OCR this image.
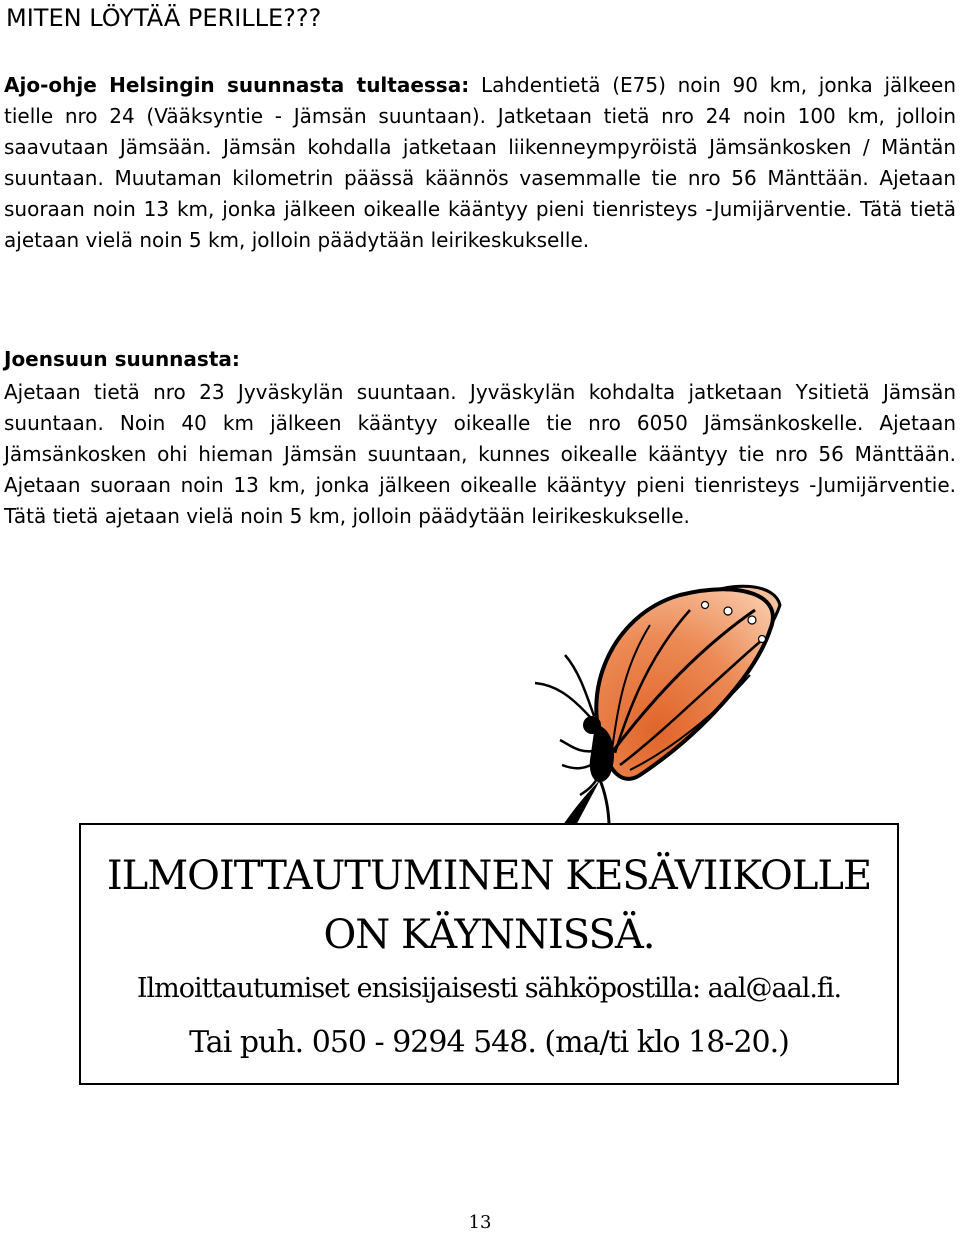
MITEN LÖYTÄÄ PERILLE???
Ajo-ohje Helsingin suunnasta tultaessa: Lahdentietä (E75) noin 90 km, jonka jälkeen tielle nro 24 (Vääksyntie - Jämsän suuntaan). Jatketaan tietä nro 24 noin 100 km, jolloin saavutaan Jämsään. Jämsän kohdalla jatketaan liikenneympyröistä Jämsänkosken / Mäntän suuntaan. Muutaman kilometrin päässä käännös vasemmalle tie nro 56 Mänttään. Ajetaan suoraan noin 13 km, jonka jälkeen oikealle kääntyy pieni tienristeys -Jumijärventie. Tätä tietä ajetaan vielä noin 5 km, jolloin päädytään leirikeskukselle.
Joensuun suunnasta:
Ajetaan tietä nro 23 Jyväskylän suuntaan. Jyväskylän kohdalta jatketaan Ysitietä Jämsän suuntaan. Noin 40 km jälkeen kääntyy oikealle tie nro 6050 Jämsänkoskelle. Ajetaan Jämsänkosken ohi hieman Jämsän suuntaan, kunnes oikealle kääntyy tie nro 56 Mänttään. Ajetaan suoraan noin 13 km, jonka jälkeen oikealle kääntyy pieni tienristeys -Jumijärventie. Tätä tietä ajetaan vielä noin 5 km, jolloin päädytään leirikeskukselle.
ILMOITTAUTUMINEN KESÄVIIKOLLE
ON KÄYNNISSÄ.
Ilmoittautumiset ensisijaisesti sähköpostilla: aal@aal.fi.
Tai puh. 050 - 9294 548. (ma/ti klo 18-20.)
13
